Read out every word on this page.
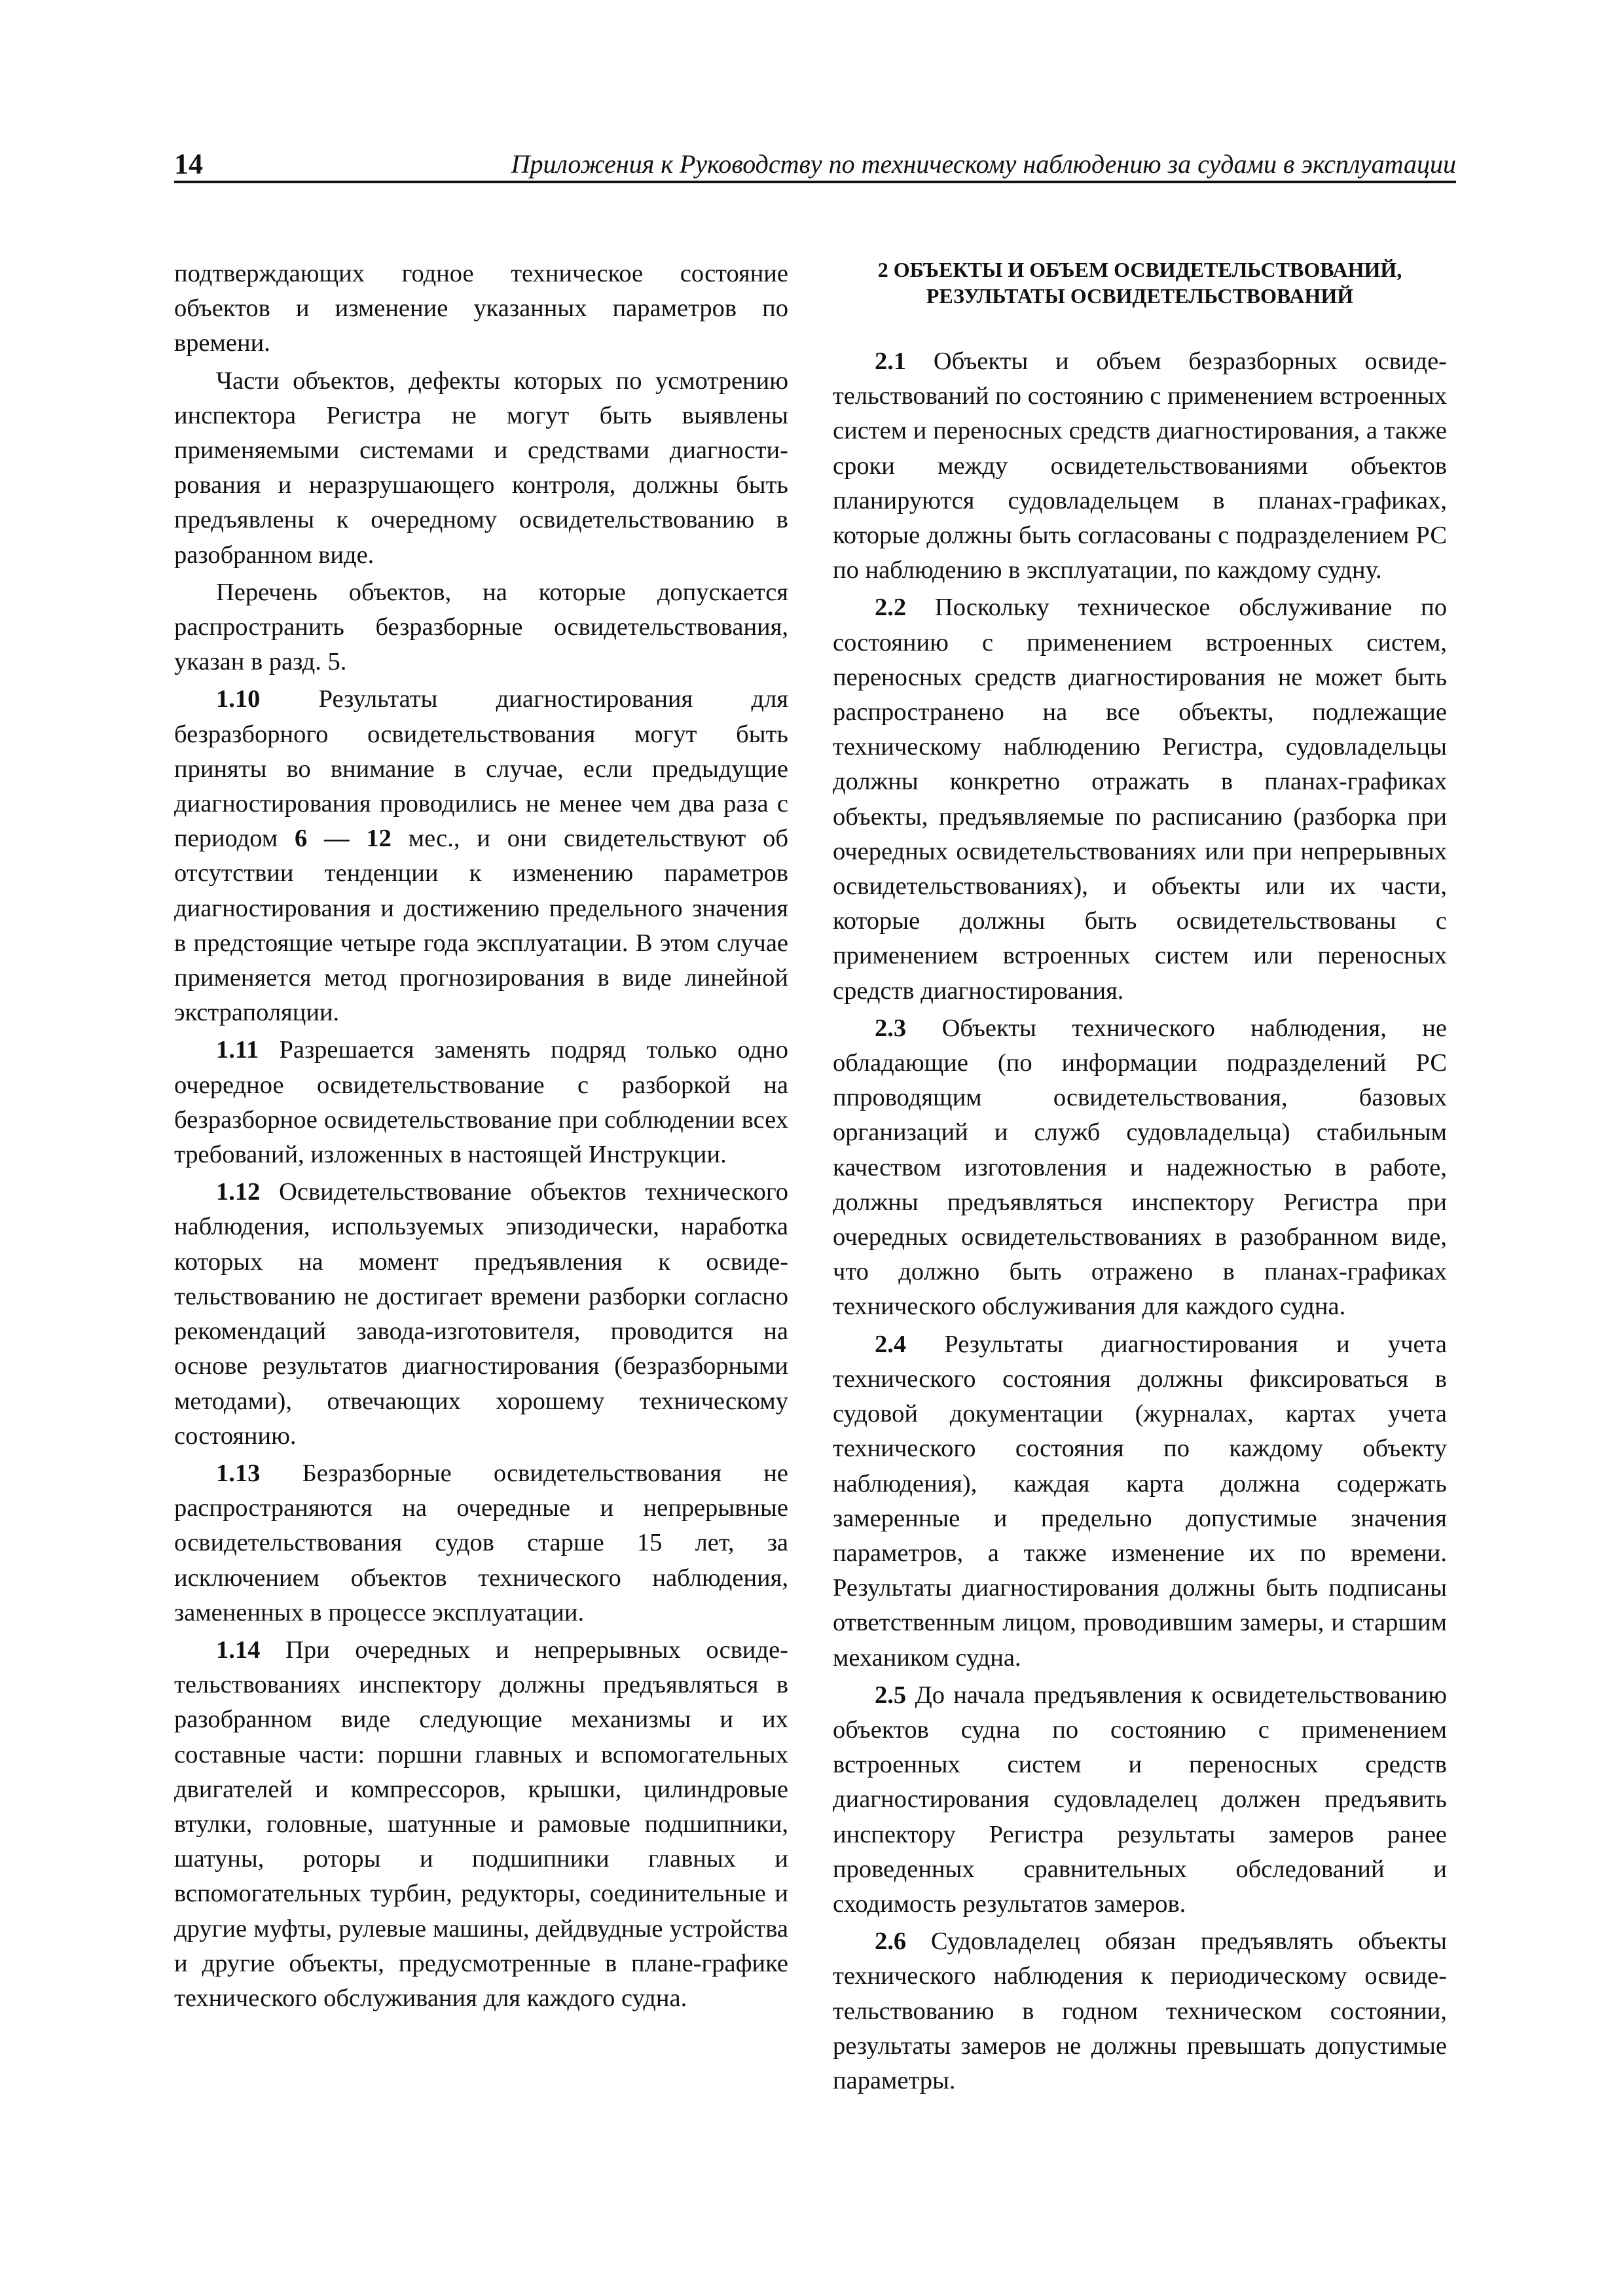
14	Приложения к Руководству по техническому наблюдению за судами в эксплуатации

подтверждающих годное техническое состояние объектов и изменение указанных параметров по времени.

Части объектов, дефекты которых по усмотрению инспектора Регистра не могут быть выявлены применяемыми системами и средствами диагностирования и неразрушающего контроля, должны быть предъявлены к очередному освидетельствованию в разобранном виде.

Перечень объектов, на которые допускается распространить безразборные освидетельствования, указан в разд. 5.

1.10 Результаты диагностирования для безразборного освидетельствования могут быть приняты во внимание в случае, если предыдущие диагностирования проводились не менее чем два раза с периодом 6 — 12 мес., и они свидетельствуют об отсутствии тенденции к изменению параметров диагностирования и достижению предельного значения в предстоящие четыре года эксплуатации. В этом случае применяется метод прогнозирования в виде линейной экстраполяции.

1.11 Разрешается заменять подряд только одно очередное освидетельствование с разборкой на безразборное освидетельствование при соблюдении всех требований, изложенных в настоящей Инструкции.

1.12 Освидетельствование объектов технического наблюдения, используемых эпизодически, наработка которых на момент предъявления к освидетельствованию не достигает времени разборки согласно рекомендаций завода-изготовителя, проводится на основе результатов диагностирования (безразборными методами), отвечающих хорошему техническому состоянию.

1.13 Безразборные освидетельствования не распространяются на очередные и непрерывные освидетельствования судов старше 15 лет, за исключением объектов технического наблюдения, замененных в процессе эксплуатации.

1.14 При очередных и непрерывных освидетельствованиях инспектору должны предъявляться в разобранном виде следующие механизмы и их составные части: поршни главных и вспомогательных двигателей и компрессоров, крышки, цилиндровые втулки, головные, шатунные и рамовые подшипники, шатуны, роторы и подшипники главных и вспомогательных турбин, редукторы, соединительные и другие муфты, рулевые машины, дейдвудные устройства и другие объекты, предусмотренные в плане-графике технического обслуживания для каждого судна.

2 ОБЪЕКТЫ И ОБЪЕМ ОСВИДЕТЕЛЬСТВОВАНИЙ,
РЕЗУЛЬТАТЫ ОСВИДЕТЕЛЬСТВОВАНИЙ

2.1 Объекты и объем безразборных освидетельствований по состоянию с применением встроенных систем и переносных средств диагностирования, а также сроки между освидетельствованиями объектов планируются судовладельцем в планах-графиках, которые должны быть согласованы с подразделением РС по наблюдению в эксплуатации, по каждому судну.

2.2 Поскольку техническое обслуживание по состоянию с применением встроенных систем, переносных средств диагностирования не может быть распространено на все объекты, подлежащие техническому наблюдению Регистра, судовладельцы должны конкретно отражать в планах-графиках объекты, предъявляемые по расписанию (разборка при очередных освидетельствованиях или при непрерывных освидетельствованиях), и объекты или их части, которые должны быть освидетельствованы с применением встроенных систем или переносных средств диагностирования.

2.3 Объекты технического наблюдения, не обладающие (по информации подразделений РС ппроводящим освидетельствования, базовых организаций и служб судовладельца) стабильным качеством изготовления и надежностью в работе, должны предъявляться инспектору Регистра при очередных освидетельствованиях в разобранном виде, что должно быть отражено в планах-графиках технического обслуживания для каждого судна.

2.4 Результаты диагностирования и учета технического состояния должны фиксироваться в судовой документации (журналах, картах учета технического состояния по каждому объекту наблюдения), каждая карта должна содержать замеренные и предельно допустимые значения параметров, а также изменение их по времени. Результаты диагностирования должны быть подписаны ответственным лицом, проводившим замеры, и старшим механиком судна.

2.5 До начала предъявления к освидетельствованию объектов судна по состоянию с применением встроенных систем и переносных средств диагностирования судовладелец должен предъявить инспектору Регистра результаты замеров ранее проведенных сравнительных обследований и сходимость результатов замеров.

2.6 Судовладелец обязан предъявлять объекты технического наблюдения к периодическому освидетельствованию в годном техническом состоянии, результаты замеров не должны превышать допустимые параметры.
